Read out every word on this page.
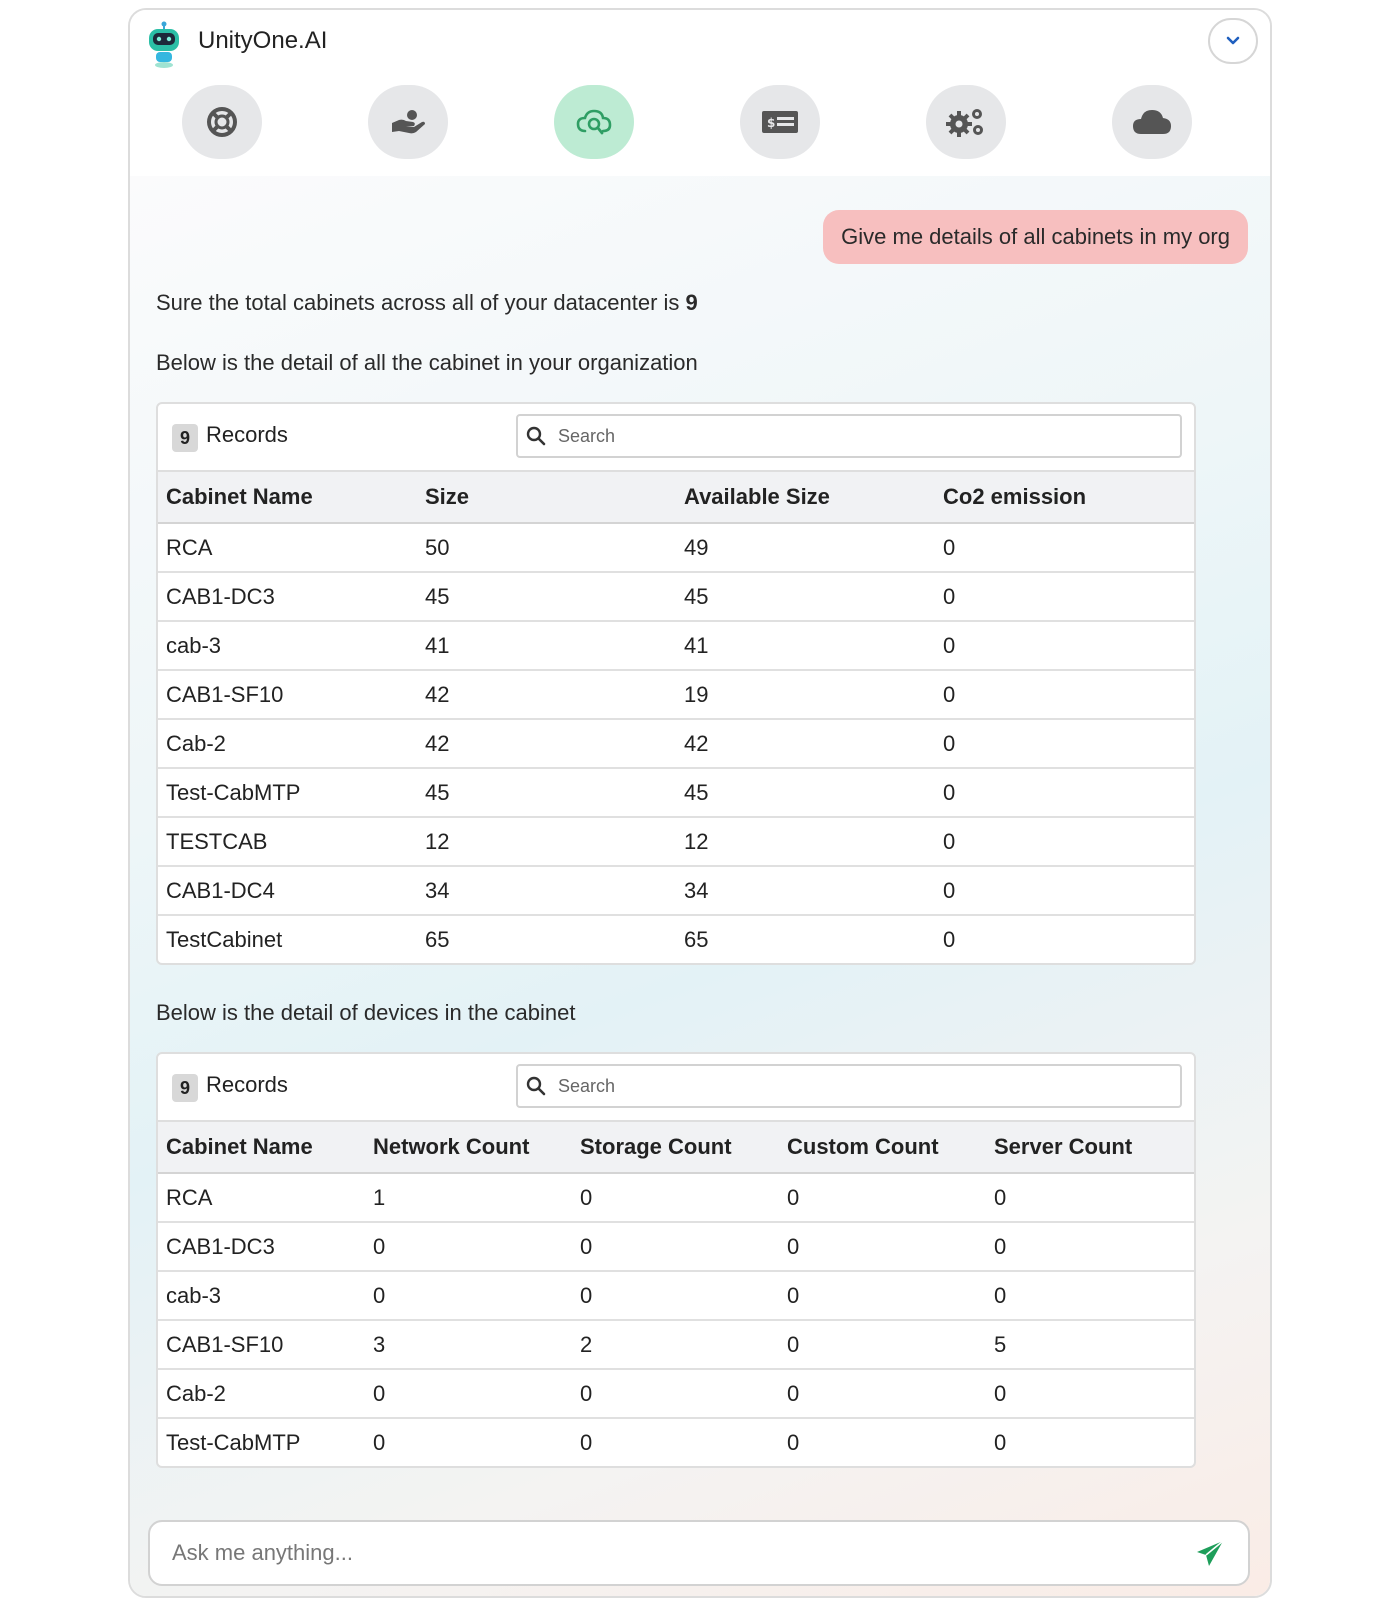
UnityOne.AI
$
Give me details of all cabinets in my org
Sure the total cabinets across all of your datacenter is 9
Below is the detail of all the cabinet in your organization
9 Records
Search
Cabinet Name	Size	Available Size	Co2 emission
RCA	50	49	0
CAB1-DC3	45	45	0
cab-3	41	41	0
CAB1-SF10	42	19	0
Cab-2	42	42	0
Test-CabMTP	45	45	0
TESTCAB	12	12	0
CAB1-DC4	34	34	0
TestCabinet	65	65	0
Below is the detail of devices in the cabinet
9 Records
Search
Cabinet Name	Network Count	Storage Count	Custom Count	Server Count
RCA	1	0	0	0
CAB1-DC3	0	0	0	0
cab-3	0	0	0	0
CAB1-SF10	3	2	0	5
Cab-2	0	0	0	0
Test-CabMTP	0	0	0	0
Ask me anything...
